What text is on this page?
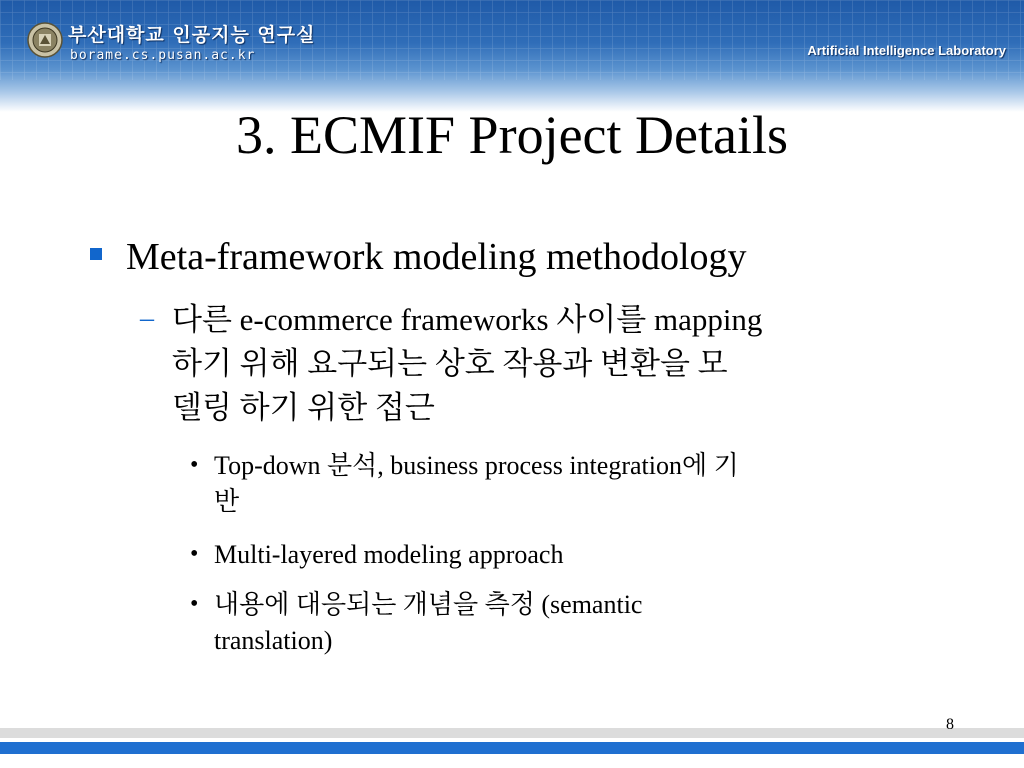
부산대학교 인공지능 연구실
borame.cs.pusan.ac.kr	Artificial Intelligence Laboratory
3. ECMIF Project Details
Meta-framework modeling methodology
– 다른 e-commerce frameworks 사이를 mapping
하기 위해 요구되는 상호 작용과 변환을 모
델링 하기 위한 접근
• Top-down 분석, business process integration에 기
반
• Multi-layered modeling approach
• 내용에 대응되는 개념을 측정 (semantic
translation)
8
